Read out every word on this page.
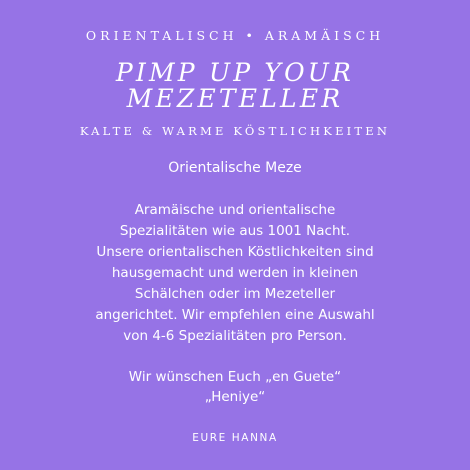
ORIENTALISCH • ARAMÄISCH
PIMP UP YOUR
MEZETELLER
KALTE & WARME KÖSTLICHKEITEN
Orientalische Meze
Aramäische und orientalische
Spezialitäten wie aus 1001 Nacht.
Unsere orientalischen Köstlichkeiten sind
hausgemacht und werden in kleinen
Schälchen oder im Mezeteller
angerichtet. Wir empfehlen eine Auswahl
von 4-6 Spezialitäten pro Person.
Wir wünschen Euch „en Guete“
„Heniye“
EURE HANNA
